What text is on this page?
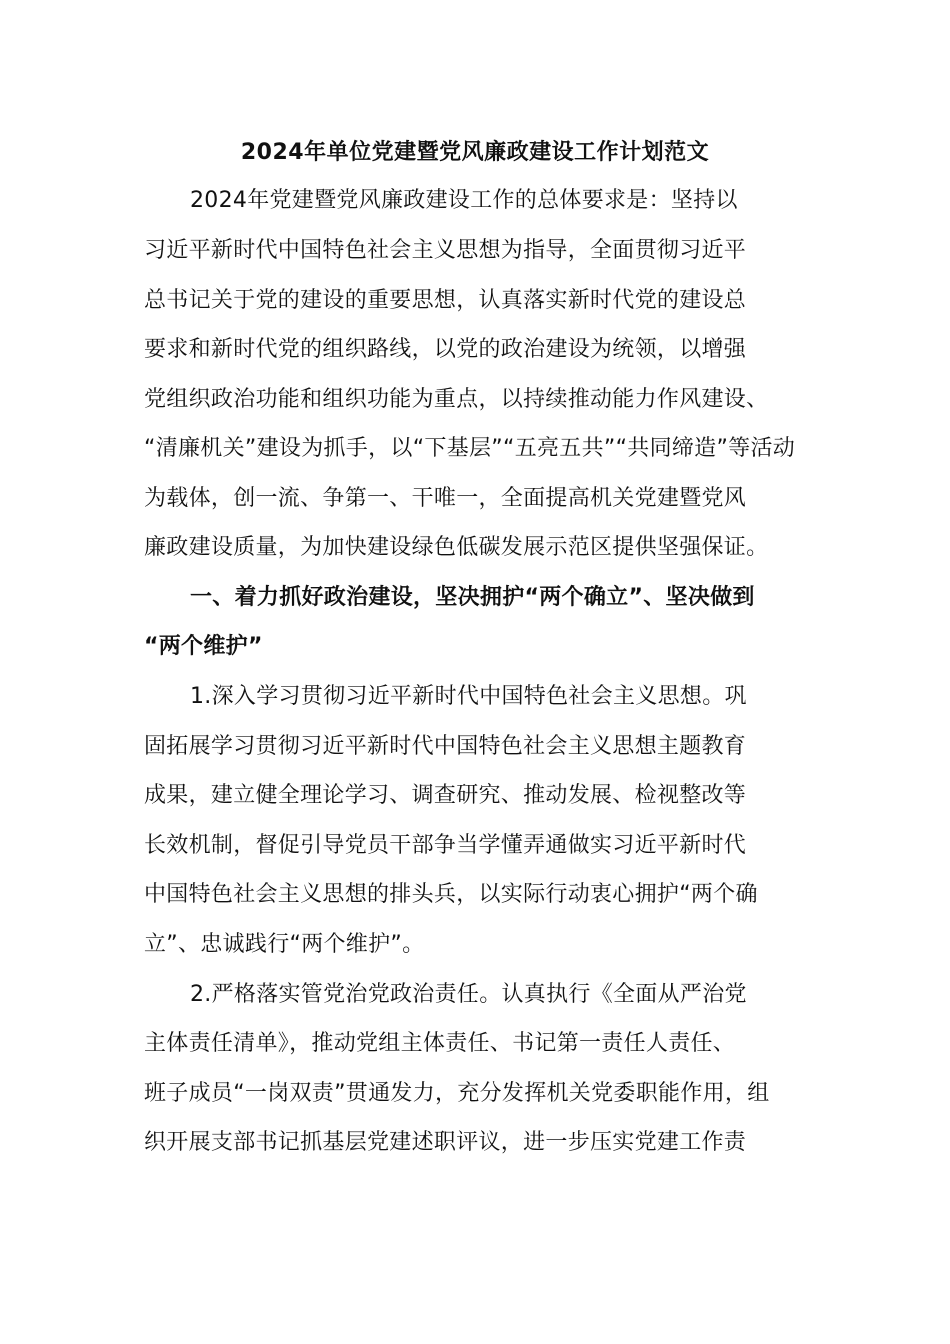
2024年单位党建暨党风廉政建设工作计划范文
2024年党建暨党风廉政建设工作的总体要求是：坚持以
习近平新时代中国特色社会主义思想为指导，全面贯彻习近平
总书记关于党的建设的重要思想，认真落实新时代党的建设总
要求和新时代党的组织路线，以党的政治建设为统领，以增强
党组织政治功能和组织功能为重点，以持续推动能力作风建设、
“清廉机关”建设为抓手，以“下基层”“五亮五共”“共同缔造”等活动
为载体，创一流、争第一、干唯一，全面提高机关党建暨党风
廉政建设质量，为加快建设绿色低碳发展示范区提供坚强保证。
一、着力抓好政治建设，坚决拥护“两个确立”、坚决做到
“两个维护”
1.深入学习贯彻习近平新时代中国特色社会主义思想。巩
固拓展学习贯彻习近平新时代中国特色社会主义思想主题教育
成果，建立健全理论学习、调查研究、推动发展、检视整改等
长效机制，督促引导党员干部争当学懂弄通做实习近平新时代
中国特色社会主义思想的排头兵，以实际行动衷心拥护“两个确
立”、忠诚践行“两个维护”。
2.严格落实管党治党政治责任。认真执行《全面从严治党
主体责任清单》，推动党组主体责任、书记第一责任人责任、
班子成员“一岗双责”贯通发力，充分发挥机关党委职能作用，组
织开展支部书记抓基层党建述职评议，进一步压实党建工作责
